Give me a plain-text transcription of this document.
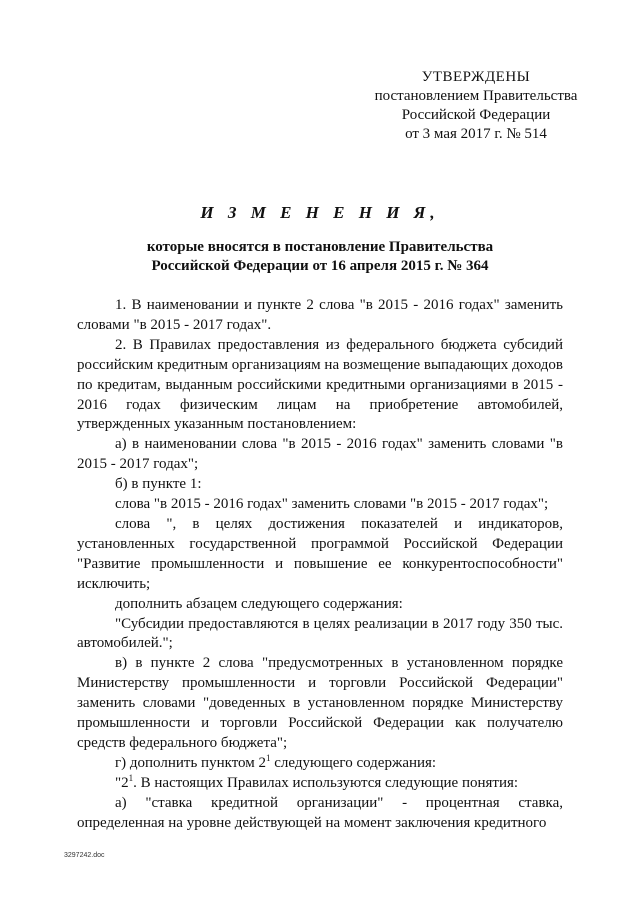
УТВЕРЖДЕНЫ
постановлением Правительства
Российской Федерации
от 3 мая 2017 г. № 514
И З М Е Н Е Н И Я,
которые вносятся в постановление Правительства
Российской Федерации от 16 апреля 2015 г. № 364

1. В наименовании и пункте 2 слова "в 2015 - 2016 годах" заменить словами "в 2015 - 2017 годах".

2. В Правилах предоставления из федерального бюджета субсидий российским кредитным организациям на возмещение выпадающих доходов по кредитам, выданным российскими кредитными организациями в 2015 - 2016 годах физическим лицам на приобретение автомобилей, утвержденных указанным постановлением:

а) в наименовании слова "в 2015 - 2016 годах" заменить словами "в 2015 - 2017 годах";

б) в пункте 1:

слова "в 2015 - 2016 годах" заменить словами "в 2015 - 2017 годах";

слова ", в целях достижения показателей и индикаторов, установленных государственной программой Российской Федерации "Развитие промышленности и повышение ее конкурентоспособности" исключить;

дополнить абзацем следующего содержания:

"Субсидии предоставляются в целях реализации в 2017 году 350 тыс. автомобилей.";

в) в пункте 2 слова "предусмотренных в установленном порядке Министерству промышленности и торговли Российской Федерации" заменить словами "доведенных в установленном порядке Министерству промышленности и торговли Российской Федерации как получателю средств федерального бюджета";

г) дополнить пунктом $2^1$ следующего содержания:

"$2^1$. В настоящих Правилах используются следующие понятия:

а) "ставка кредитной организации" - процентная ставка, определенная на уровне действующей на момент заключения кредитного

3297242.doc
